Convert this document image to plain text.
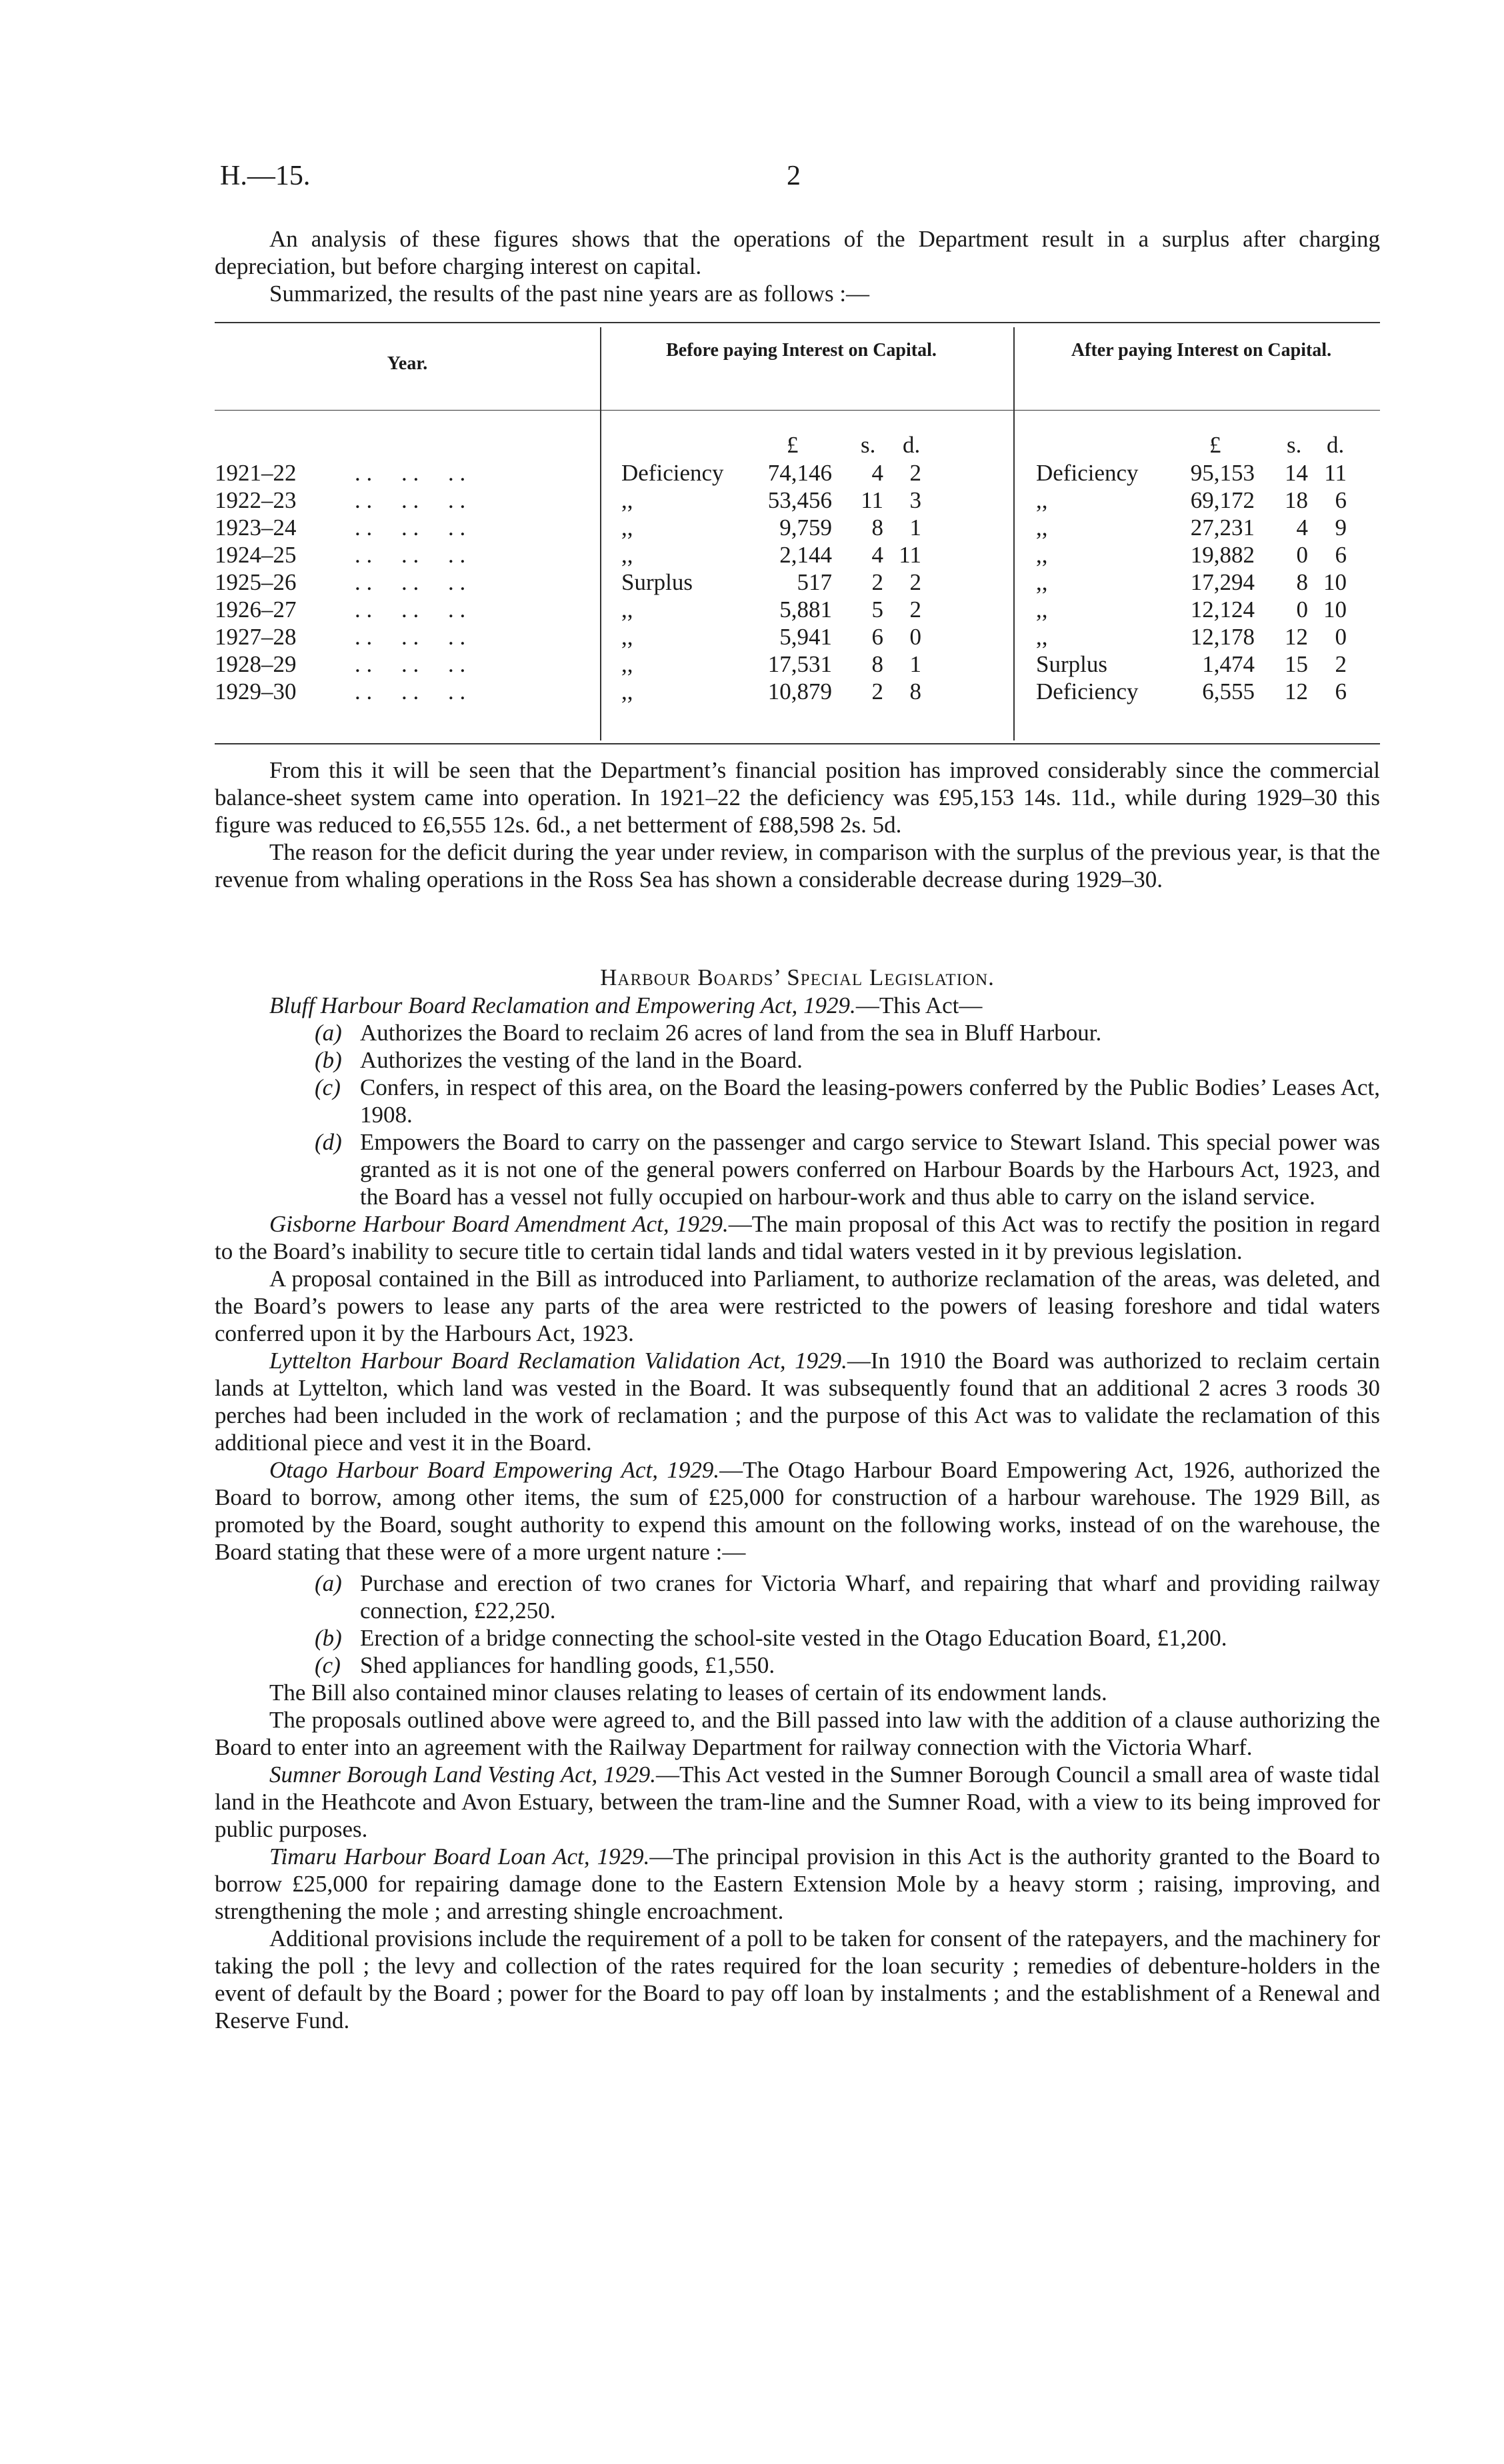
H.—15.	2

An analysis of these figures shows that the operations of the Department result in a surplus after charging depreciation, but before charging interest on capital.

Summarized, the results of the past nine years are as follows :—

Year.
Before paying Interest on Capital.	After paying Interest on Capital.
£	s. d.	£	s. d.
. .     . .     . .
1921–22	Deficiency	74,146	4	2	Deficiency	95,153	14 11
. .     . .     . .
1922–23	,,	53,456	11	3	,,	69,172	18	6
. .     . .     . .
1923–24	,,	9,759	8	1	,,	27,231	4	9
. .     . .     . .
1924–25	,,	2,144	4 11	,,	19,882	0	6
. .     . .     . .
1925–26	Surplus	517	2	2	,,	17,294	8 10
. .     . .     . .
1926–27	,,	5,881	5	2	,,	12,124	0 10
. .     . .     . .
1927–28	,,	5,941	6	0	,,	12,178	12	0
. .     . .     . .
1928–29	,,	17,531	8	1	Surplus	1,474	15	2
. .     . .     . .
1929–30	,,	10,879	2	8	Deficiency	6,555	12	6

From this it will be seen that the Department’s financial position has improved considerably since the commercial balance-sheet system came into operation. In 1921–22 the deficiency was £95,153 14s. 11d., while during 1929–30 this figure was reduced to £6,555 12s. 6d., a net betterment of £88,598 2s. 5d.

The reason for the deficit during the year under review, in comparison with the surplus of the previous year, is that the revenue from whaling operations in the Ross Sea has shown a considerable decrease during 1929–30.

Harbour Boards’ Special Legislation.

Bluff Harbour Board Reclamation and Empowering Act, 1929.—This Act—

(a) Authorizes the Board to reclaim 26 acres of land from the sea in Bluff Harbour.
(b) Authorizes the vesting of the land in the Board.
(c) Confers, in respect of this area, on the Board the leasing-powers conferred by the Public Bodies’ Leases Act, 1908.
(d) Empowers the Board to carry on the passenger and cargo service to Stewart Island. This special power was granted as it is not one of the general powers conferred on Harbour Boards by the Harbours Act, 1923, and the Board has a vessel not fully occupied on harbour-work and thus able to carry on the island service.

Gisborne Harbour Board Amendment Act, 1929.—The main proposal of this Act was to rectify the position in regard to the Board’s inability to secure title to certain tidal lands and tidal waters vested in it by previous legislation.

A proposal contained in the Bill as introduced into Parliament, to authorize reclamation of the areas, was deleted, and the Board’s powers to lease any parts of the area were restricted to the powers of leasing foreshore and tidal waters conferred upon it by the Harbours Act, 1923.

Lyttelton Harbour Board Reclamation Validation Act, 1929.—In 1910 the Board was authorized to reclaim certain lands at Lyttelton, which land was vested in the Board. It was subsequently found that an additional 2 acres 3 roods 30 perches had been included in the work of reclamation ; and the purpose of this Act was to validate the reclamation of this additional piece and vest it in the Board.

Otago Harbour Board Empowering Act, 1929.—The Otago Harbour Board Empowering Act, 1926, authorized the Board to borrow, among other items, the sum of £25,000 for construction of a harbour warehouse. The 1929 Bill, as promoted by the Board, sought authority to expend this amount on the following works, instead of on the warehouse, the Board stating that these were of a more urgent nature :—

(a) Purchase and erection of two cranes for Victoria Wharf, and repairing that wharf and providing railway connection, £22,250.
(b) Erection of a bridge connecting the school-site vested in the Otago Education Board, £1,200.
(c) Shed appliances for handling goods, £1,550.

The Bill also contained minor clauses relating to leases of certain of its endowment lands.

The proposals outlined above were agreed to, and the Bill passed into law with the addition of a clause authorizing the Board to enter into an agreement with the Railway Department for railway connection with the Victoria Wharf.

Sumner Borough Land Vesting Act, 1929.—This Act vested in the Sumner Borough Council a small area of waste tidal land in the Heathcote and Avon Estuary, between the tram-line and the Sumner Road, with a view to its being improved for public purposes.

Timaru Harbour Board Loan Act, 1929.—The principal provision in this Act is the authority granted to the Board to borrow £25,000 for repairing damage done to the Eastern Extension Mole by a heavy storm ; raising, improving, and strengthening the mole ; and arresting shingle encroachment.

Additional provisions include the requirement of a poll to be taken for consent of the ratepayers, and the machinery for taking the poll ; the levy and collection of the rates required for the loan security ; remedies of debenture-holders in the event of default by the Board ; power for the Board to pay off loan by instalments ; and the establishment of a Renewal and Reserve Fund.
